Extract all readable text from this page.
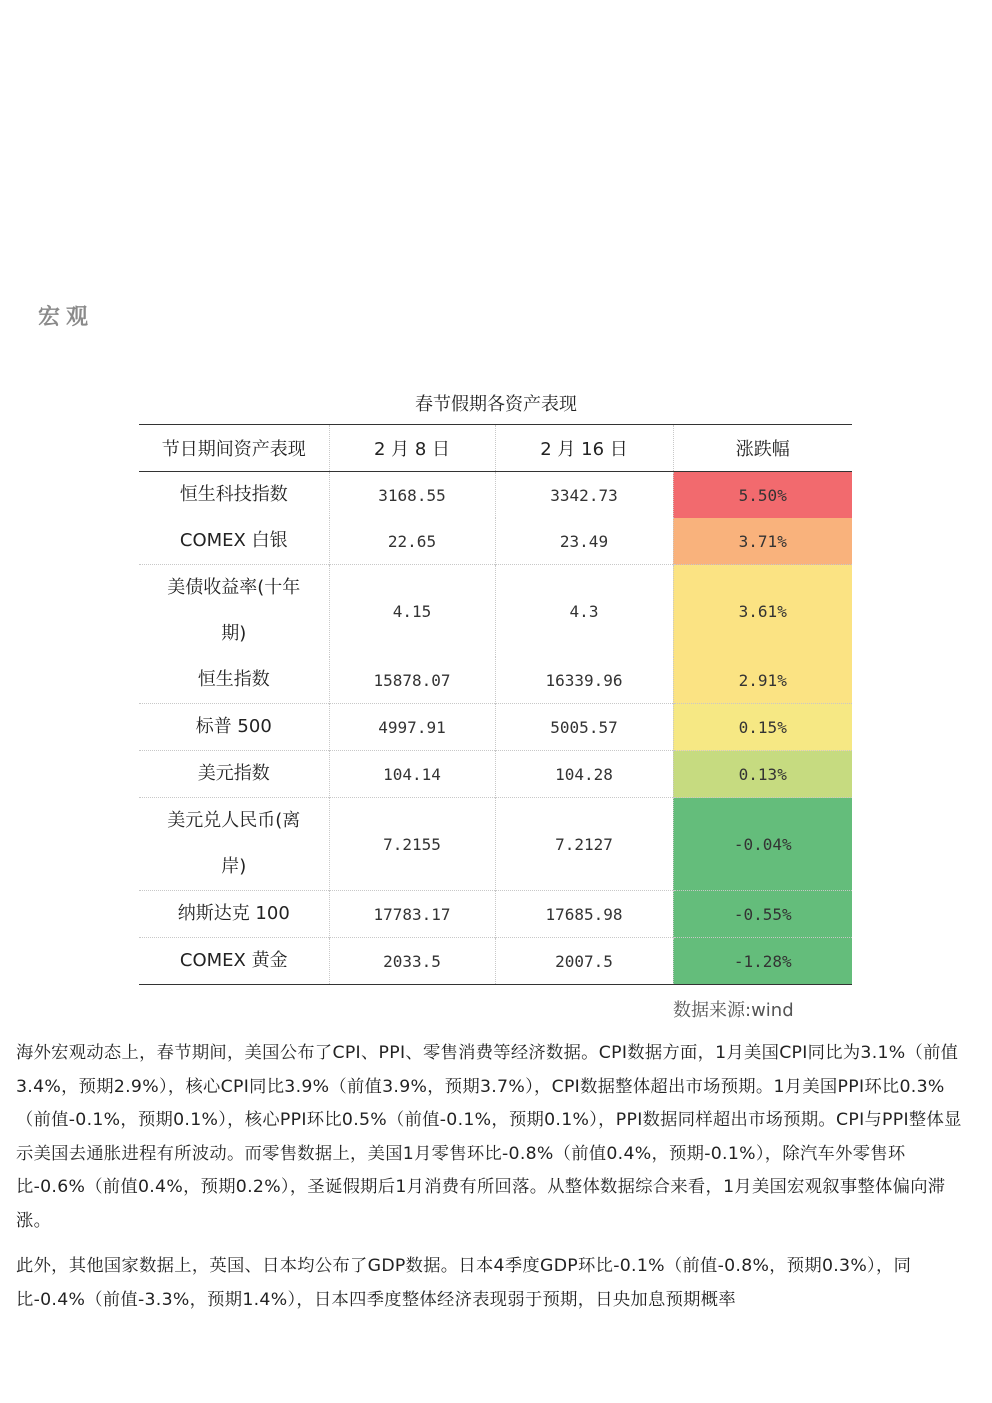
宏观
春节假期各资产表现
节日期间资产表现	2 月 8 日	2 月 16 日	涨跌幅
恒生科技指数	3168.55	3342.73	5.50%
COMEX 白银	22.65	23.49	3.71%
美债收益率(十年期)	4.15	4.3	3.61%
恒生指数	15878.07	16339.96	2.91%
标普 500	4997.91	5005.57	0.15%
美元指数	104.14	104.28	0.13%
美元兑人民币(离岸)	7.2155	7.2127	-0.04%
纳斯达克 100	17783.17	17685.98	-0.55%
COMEX 黄金	2033.5	2007.5	-1.28%
数据来源:wind

海外宏观动态上，春节期间，美国公布了CPI、PPI、零售消费等经济数据。CPI数据方面，1月美国CPI同比为3.1%（前值3.4%，预期2.9%），核心CPI同比3.9%（前值3.9%，预期3.7%），CPI数据整体超出市场预期。1月美国PPI环比0.3%（前值-0.1%，预期0.1%），核心PPI环比0.5%（前值-0.1%，预期0.1%），PPI数据同样超出市场预期。CPI与PPI整体显示美国去通胀进程有所波动。而零售数据上，美国1月零售环比-0.8%（前值0.4%，预期-0.1%），除汽车外零售环比-0.6%（前值0.4%，预期0.2%），圣诞假期后1月消费有所回落。从整体数据综合来看，1月美国宏观叙事整体偏向滞涨。

此外，其他国家数据上，英国、日本均公布了GDP数据。日本4季度GDP环比-0.1%（前值-0.8%，预期0.3%），同比-0.4%（前值-3.3%，预期1.4%），日本四季度整体经济表现弱于预期，日央加息预期概率
